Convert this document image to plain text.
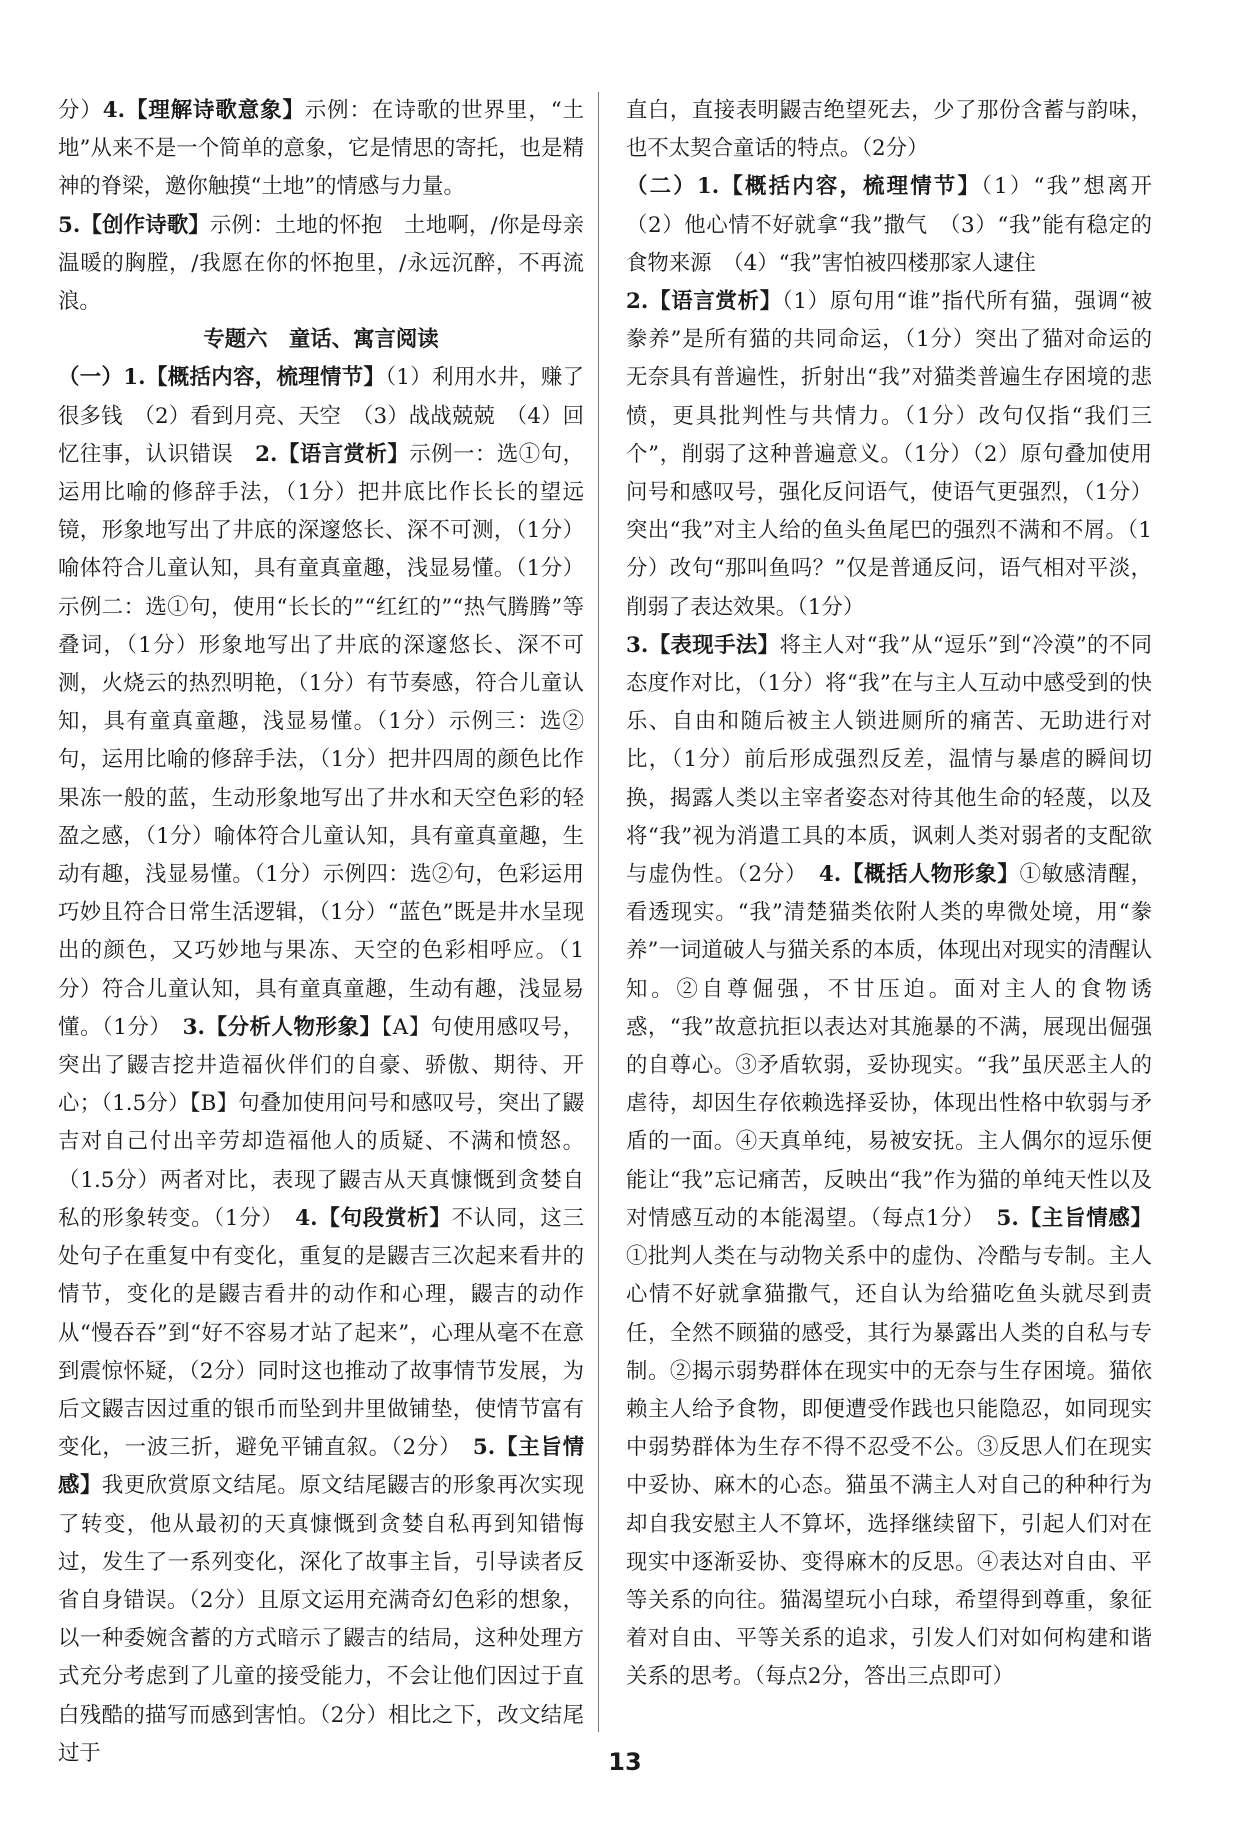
分）4.【理解诗歌意象】示例：在诗歌的世界里，“土地”从来不是一个简单的意象，它是情思的寄托，也是精神的脊梁，邀你触摸“土地”的情感与力量。

5.【创作诗歌】示例：土地的怀抱　土地啊，/你是母亲温暖的胸膛，/我愿在你的怀抱里，/永远沉醉，不再流浪。

专题六　童话、寓言阅读

（一）1.【概括内容，梳理情节】（1）利用水井，赚了很多钱　（2）看到月亮、天空　（3）战战兢兢　（4）回忆往事，认识错误　2.【语言赏析】示例一：选①句，运用比喻的修辞手法，（1分）把井底比作长长的望远镜，形象地写出了井底的深邃悠长、深不可测，（1分）喻体符合儿童认知，具有童真童趣，浅显易懂。（1分）示例二：选①句，使用“长长的”“红红的”“热气腾腾”等叠词，（1分）形象地写出了井底的深邃悠长、深不可测，火烧云的热烈明艳，（1分）有节奏感，符合儿童认知，具有童真童趣，浅显易懂。（1分）示例三：选②句，运用比喻的修辞手法，（1分）把井四周的颜色比作果冻一般的蓝，生动形象地写出了井水和天空色彩的轻盈之感，（1分）喻体符合儿童认知，具有童真童趣，生动有趣，浅显易懂。（1分）示例四：选②句，色彩运用巧妙且符合日常生活逻辑，（1分）“蓝色”既是井水呈现出的颜色，又巧妙地与果冻、天空的色彩相呼应。（1分）符合儿童认知，具有童真童趣，生动有趣，浅显易懂。（1分）　3.【分析人物形象】【A】句使用感叹号，突出了鼹吉挖井造福伙伴们的自豪、骄傲、期待、开心；（1.5分）【B】句叠加使用问号和感叹号，突出了鼹吉对自己付出辛劳却造福他人的质疑、不满和愤怒。（1.5分）两者对比，表现了鼹吉从天真慷慨到贪婪自私的形象转变。（1分）　4.【句段赏析】不认同，这三处句子在重复中有变化，重复的是鼹吉三次起来看井的情节，变化的是鼹吉看井的动作和心理，鼹吉的动作从“慢吞吞”到“好不容易才站了起来”，心理从毫不在意到震惊怀疑，（2分）同时这也推动了故事情节发展，为后文鼹吉因过重的银币而坠到井里做铺垫，使情节富有变化，一波三折，避免平铺直叙。（2分）　5.【主旨情感】我更欣赏原文结尾。原文结尾鼹吉的形象再次实现了转变，他从最初的天真慷慨到贪婪自私再到知错悔过，发生了一系列变化，深化了故事主旨，引导读者反省自身错误。（2分）且原文运用充满奇幻色彩的想象，以一种委婉含蓄的方式暗示了鼹吉的结局，这种处理方式充分考虑到了儿童的接受能力，不会让他们因过于直白残酷的描写而感到害怕。（2分）相比之下，改文结尾过于

直白，直接表明鼹吉绝望死去，少了那份含蓄与韵味，也不太契合童话的特点。（2分）

（二）1.【概括内容，梳理情节】（1）“我”想离开　（2）他心情不好就拿“我”撒气　（3）“我”能有稳定的食物来源　（4）“我”害怕被四楼那家人逮住

2.【语言赏析】（1）原句用“谁”指代所有猫，强调“被豢养”是所有猫的共同命运，（1分）突出了猫对命运的无奈具有普遍性，折射出“我”对猫类普遍生存困境的悲愤，更具批判性与共情力。（1分）改句仅指“我们三个”，削弱了这种普遍意义。（1分）（2）原句叠加使用问号和感叹号，强化反问语气，使语气更强烈，（1分）突出“我”对主人给的鱼头鱼尾巴的强烈不满和不屑。（1分）改句“那叫鱼吗？”仅是普通反问，语气相对平淡，削弱了表达效果。（1分）

3.【表现手法】将主人对“我”从“逗乐”到“冷漠”的不同态度作对比，（1分）将“我”在与主人互动中感受到的快乐、自由和随后被主人锁进厕所的痛苦、无助进行对比，（1分）前后形成强烈反差，温情与暴虐的瞬间切换，揭露人类以主宰者姿态对待其他生命的轻蔑，以及将“我”视为消遣工具的本质，讽刺人类对弱者的支配欲与虚伪性。（2分）　4.【概括人物形象】①敏感清醒，看透现实。“我”清楚猫类依附人类的卑微处境，用“豢养”一词道破人与猫关系的本质，体现出对现实的清醒认知。②自尊倔强，不甘压迫。面对主人的食物诱惑，“我”故意抗拒以表达对其施暴的不满，展现出倔强的自尊心。③矛盾软弱，妥协现实。“我”虽厌恶主人的虐待，却因生存依赖选择妥协，体现出性格中软弱与矛盾的一面。④天真单纯，易被安抚。主人偶尔的逗乐便能让“我”忘记痛苦，反映出“我”作为猫的单纯天性以及对情感互动的本能渴望。（每点1分）　5.【主旨情感】①批判人类在与动物关系中的虚伪、冷酷与专制。主人心情不好就拿猫撒气，还自认为给猫吃鱼头就尽到责任，全然不顾猫的感受，其行为暴露出人类的自私与专制。②揭示弱势群体在现实中的无奈与生存困境。猫依赖主人给予食物，即便遭受作践也只能隐忍，如同现实中弱势群体为生存不得不忍受不公。③反思人们在现实中妥协、麻木的心态。猫虽不满主人对自己的种种行为却自我安慰主人不算坏，选择继续留下，引起人们对在现实中逐渐妥协、变得麻木的反思。④表达对自由、平等关系的向往。猫渴望玩小白球，希望得到尊重，象征着对自由、平等关系的追求，引发人们对如何构建和谐关系的思考。（每点2分，答出三点即可）

13
